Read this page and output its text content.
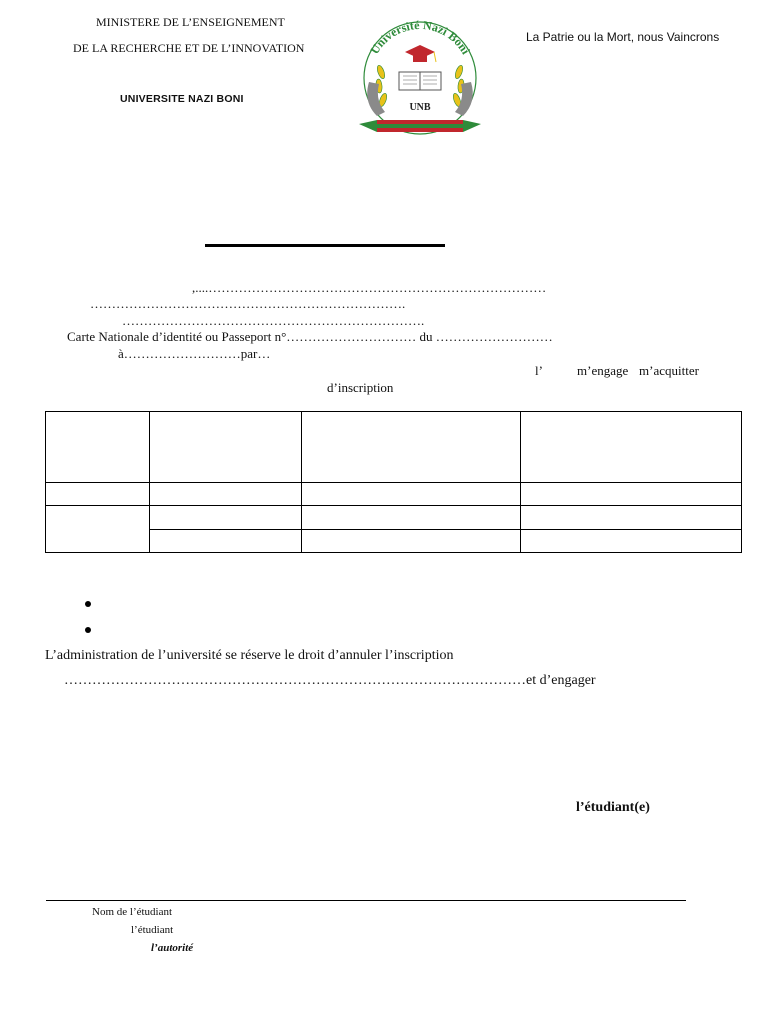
MINISTERE DE L’ENSEIGNEMENT
DE LA RECHERCHE ET DE L’INNOVATION
UNIVERSITE NAZI BONI
La Patrie ou la Mort, nous Vaincrons
Université Nazi Boni
UNB
,....……………………………………………………………………
……………………………………………………………….
…………………………………………………………….
Carte Nationale d’identité ou Passeport n°………………………… du ………………………
à………………………par…
l’	m’engage m’acquitter
d’inscription

L’administration de l’université se réserve le droit d’annuler l’inscription
………………………………………………………………………………………et d’engager
l’étudiant(e)
Nom de l’étudiant
l’étudiant
l’autorité
